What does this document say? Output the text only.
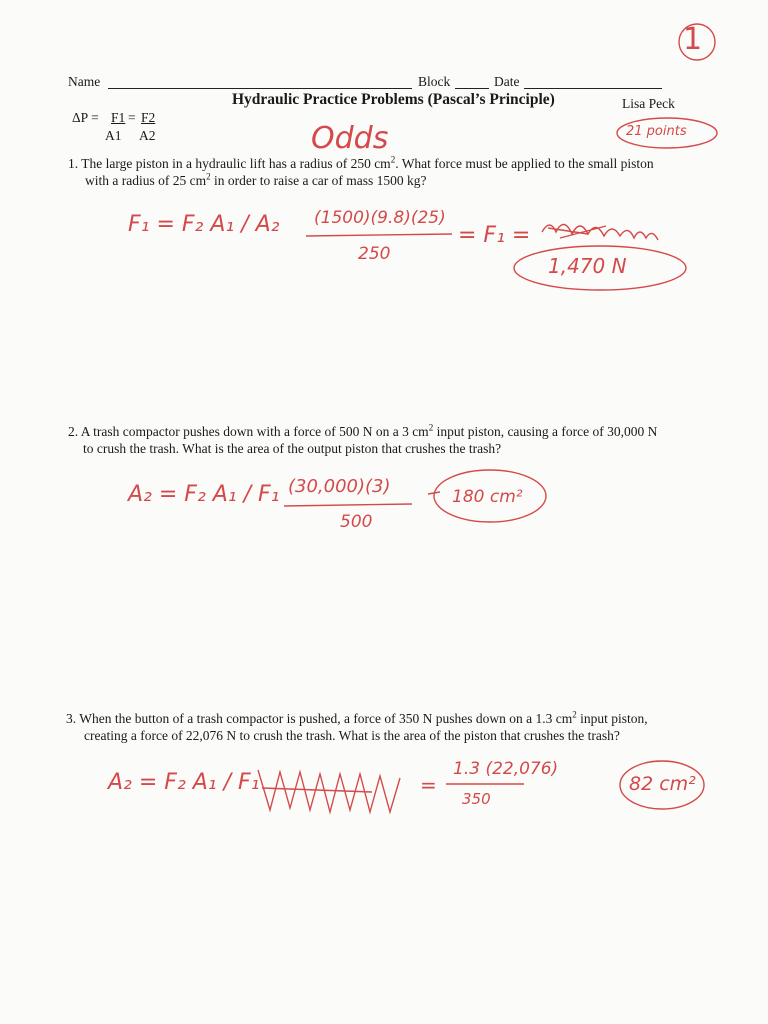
Name	Block	Date
Hydraulic Practice Problems (Pascal’s Principle)	Lisa Peck
ΔP = F1 = F2
A1 A2
1
Odds	21 points
1. The large piston in a hydraulic lift has a radius of 250 $cm^2$. What force must be applied to the small piston
with a radius of 25 $cm^2$ in order to raise a car of mass 1500 kg?
F₁ = F₂ A₁ / A₂ (1500)(9.8)(25)
250
= F₁ =
1,470 N
2. A trash compactor pushes down with a force of 500 N on a 3 $cm^2$ input piston, causing a force of 30,000 N
to crush the trash. What is the area of the output piston that crushes the trash?
A₂ = F₂ A₁ / F₁ (30,000)(3)
500
180 cm²
3. When the button of a trash compactor is pushed, a force of 350 N pushes down on a 1.3 $cm^2$ input piston,
creating a force of 22,076 N to crush the trash. What is the area of the piston that crushes the trash?
A₂ = F₂ A₁ / F₁
1.3 (22,076)
350
=	82 cm²
